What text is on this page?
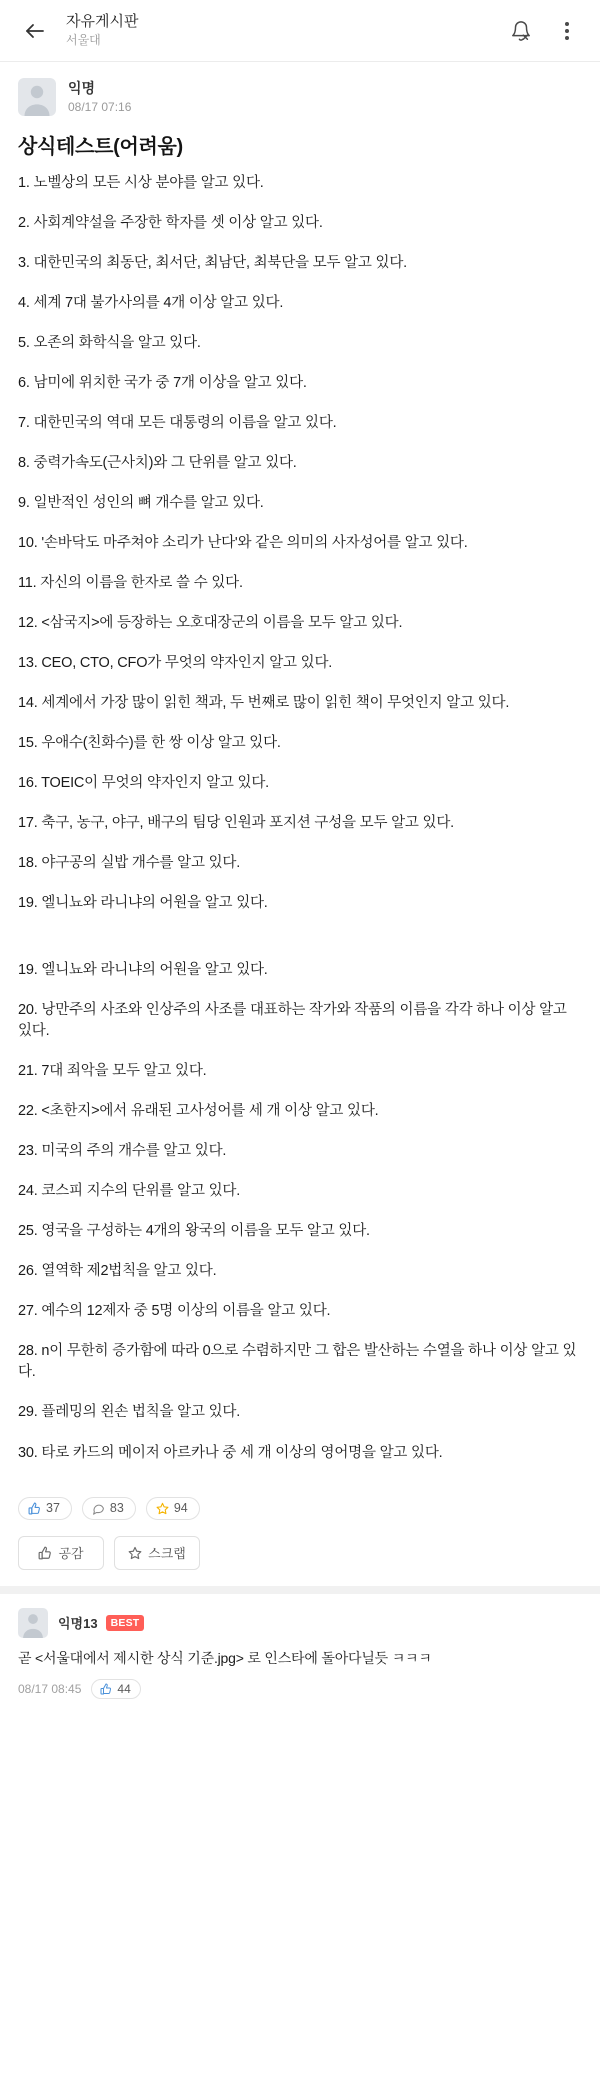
자유게시판
서울대
익명
08/17 07:16
상식테스트(어려움)

1. 노벨상의 모든 시상 분야를 알고 있다.

2. 사회계약설을 주장한 학자를 셋 이상 알고 있다.

3. 대한민국의 최동단, 최서단, 최남단, 최북단을 모두 알고 있다.

4. 세계 7대 불가사의를 4개 이상 알고 있다.

5. 오존의 화학식을 알고 있다.

6. 남미에 위치한 국가 중 7개 이상을 알고 있다.

7. 대한민국의 역대 모든 대통령의 이름을 알고 있다.

8. 중력가속도(근사치)와 그 단위를 알고 있다.

9. 일반적인 성인의 뼈 개수를 알고 있다.

10. '손바닥도 마주쳐야 소리가 난다'와 같은 의미의 사자성어를 알고 있다.

11. 자신의 이름을 한자로 쓸 수 있다.

12. <삼국지>에 등장하는 오호대장군의 이름을 모두 알고 있다.

13. CEO, CTO, CFO가 무엇의 약자인지 알고 있다.

14. 세계에서 가장 많이 읽힌 책과, 두 번째로 많이 읽힌 책이 무엇인지 알고 있다.

15. 우애수(친화수)를 한 쌍 이상 알고 있다.

16. TOEIC이 무엇의 약자인지 알고 있다.

17. 축구, 농구, 야구, 배구의 팀당 인원과 포지션 구성을 모두 알고 있다.

18. 야구공의 실밥 개수를 알고 있다.

19. 엘니뇨와 라니냐의 어원을 알고 있다.

19. 엘니뇨와 라니냐의 어원을 알고 있다.

20. 낭만주의 사조와 인상주의 사조를 대표하는 작가와 작품의 이름을 각각 하나 이상 알고 있다.

21. 7대 죄악을 모두 알고 있다.

22. <초한지>에서 유래된 고사성어를 세 개 이상 알고 있다.

23. 미국의 주의 개수를 알고 있다.

24. 코스피 지수의 단위를 알고 있다.

25. 영국을 구성하는 4개의 왕국의 이름을 모두 알고 있다.

26. 열역학 제2법칙을 알고 있다.

27. 예수의 12제자 중 5명 이상의 이름을 알고 있다.

28. n이 무한히 증가함에 따라 0으로 수렴하지만 그 합은 발산하는 수열을 하나 이상 알고 있다.

29. 플레밍의 왼손 법칙을 알고 있다.

30. 타로 카드의 메이저 아르카나 중 세 개 이상의 영어명을 알고 있다.

37	83	94
공감	스크랩
익명13	BEST
곧 <서울대에서 제시한 상식 기준.jpg> 로 인스타에 돌아다닐듯 ㅋㅋㅋ
08/17 08:45	44
